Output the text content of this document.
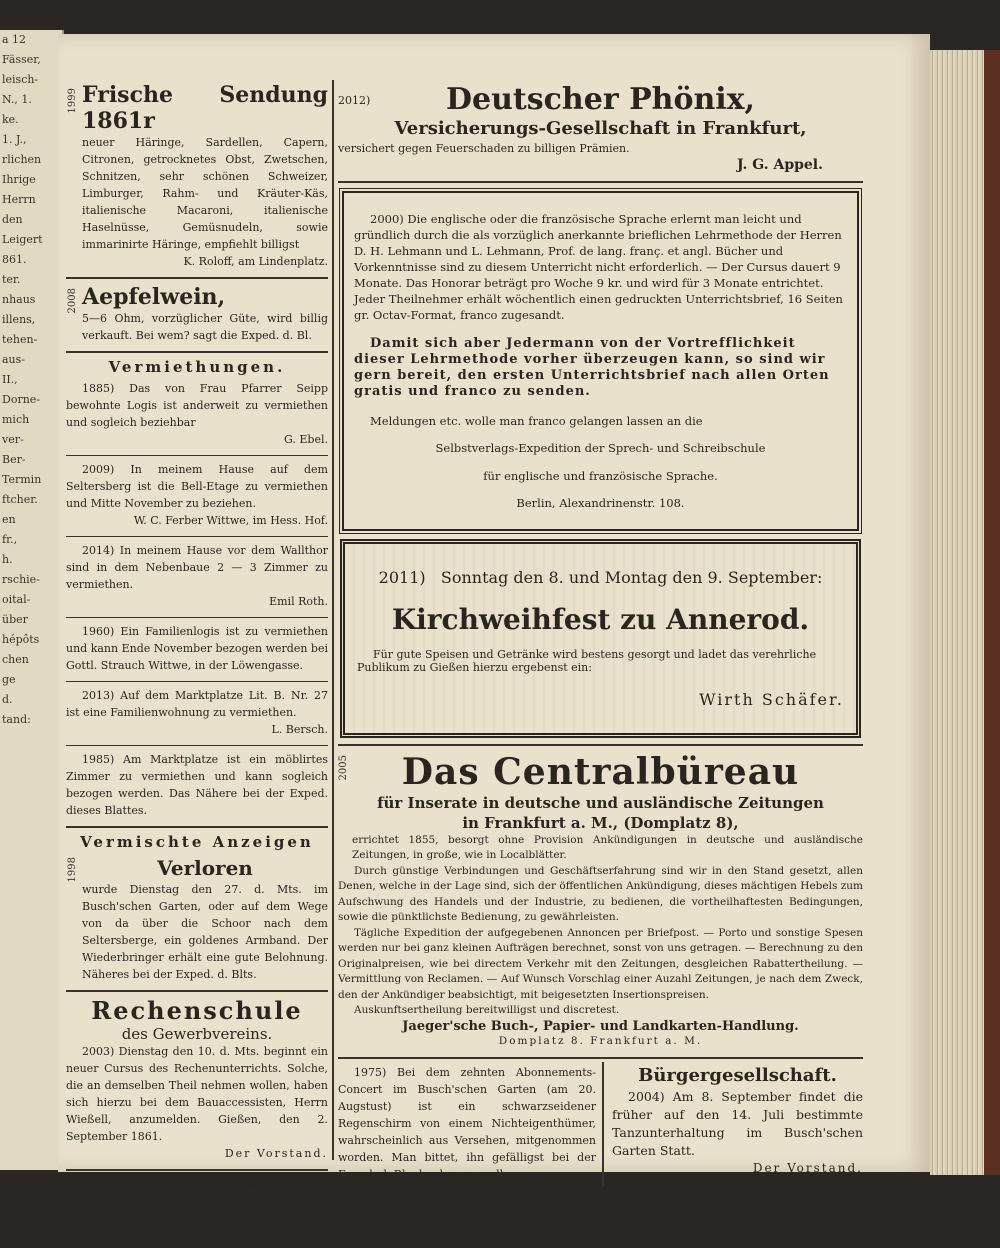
a 12
Fässer,
leisch-
N., 1.
ke.
1. J.,
rlichen
Ihrige
Herrn
den
Leigert
861.
ter.
nhaus
illens,
tehen-
aus-
II.,
Dorne-
mich
ver-
Ber-
Termin
ftcher.
en
fr.,
h.
rschie-
oital-
über
hépôts
chen
ge
d.
tand:
1999 Frische Sendung 1861r

neuer Häringe, Sardellen, Capern, Citronen, getrocknetes Obst, Zwetschen, Schnitzen, sehr schönen Schweizer, Limburger, Rahm- und Kräuter-Käs, italienische Macaroni, italienische Haselnüsse, Gemüsnudeln, sowie immarinirte Häringe, empfiehlt billigst

K. Roloff, am Lindenplatz.

2008 Aepfelwein,

5—6 Ohm, vorzüglicher Güte, wird billig verkauft. Bei wem? sagt die Exped. d. Bl.

Vermiethungen.

1885) Das von Frau Pfarrer Seipp bewohnte Logis ist anderweit zu vermiethen und sogleich beziehbar

G. Ebel.

2009) In meinem Hause auf dem Seltersberg ist die Bell-Etage zu vermiethen und Mitte November zu beziehen.

W. C. Ferber Wittwe, im Hess. Hof.

2014) In meinem Hause vor dem Wallthor sind in dem Nebenbaue 2 — 3 Zimmer zu vermiethen.

Emil Roth.

1960) Ein Familienlogis ist zu vermiethen und kann Ende November bezogen werden bei Gottl. Strauch Wittwe, in der Löwengasse.

2013) Auf dem Marktplatze Lit. B. Nr. 27 ist eine Familienwohnung zu vermiethen.

L. Bersch.

1985) Am Marktplatze ist ein möblirtes Zimmer zu vermiethen und kann sogleich bezogen werden. Das Nähere bei der Exped. dieses Blattes.

Vermischte Anzeigen
1998	Verloren

wurde Dienstag den 27. d. Mts. im Busch'schen Garten, oder auf dem Wege von da über die Schoor nach dem Seltersberge, ein goldenes Armband. Der Wiederbringer erhält eine gute Belohnung. Näheres bei der Exped. d. Blts.

Rechenschule
des Gewerbvereins.

2003) Dienstag den 10. d. Mts. beginnt ein neuer Cursus des Rechenunterrichts. Solche, die an demselben Theil nehmen wollen, haben sich hierzu bei dem Bauaccessisten, Herrn Wießell, anzumelden. Gießen, den 2. September 1861.

Der Vorstand.

1814) Ein Mädchen, welches mit häuslichen Arbeiten vertraut ist und etwas kochen kann, wird in Dienst gesucht. Näheres bei der Exped. d. Blts.

2012)	Deutscher Phönix,
Versicherungs-Gesellschaft in Frankfurt,

versichert gegen Feuerschaden zu billigen Prämien.

J. G. Appel.

2000) Die englische oder die französische Sprache erlernt man leicht und gründlich durch die als vorzüglich anerkannte brieflichen Lehrmethode der Herren D. H. Lehmann und L. Lehmann, Prof. de lang. franç. et angl. Bücher und Vorkenntnisse sind zu diesem Unterricht nicht erforderlich. — Der Cursus dauert 9 Monate. Das Honorar beträgt pro Woche 9 kr. und wird für 3 Monate entrichtet. Jeder Theilnehmer erhält wöchentlich einen gedruckten Unterrichtsbrief, 16 Seiten gr. Octav-Format, franco zugesandt.

Damit sich aber Jedermann von der Vortrefflichkeit dieser Lehrmethode vorher überzeugen kann, so sind wir gern bereit, den ersten Unterrichtsbrief nach allen Orten gratis und franco zu senden.

Meldungen etc. wolle man franco gelangen lassen an die

Selbstverlags-Expedition der Sprech- und Schreibschule

für englische und französische Sprache.

Berlin, Alexandrinenstr. 108.

2011) Sonntag den 8. und Montag den 9. September:

Kirchweihfest zu Annerod.

Für gute Speisen und Getränke wird bestens gesorgt und ladet das verehrliche Publikum zu Gießen hierzu ergebenst ein:

Wirth Schäfer.

2005	Das Centralbüreau
für Inserate in deutsche und ausländische Zeitungen
in Frankfurt a. M., (Domplatz 8),

errichtet 1855, besorgt ohne Provision Ankündigungen in deutsche und ausländische Zeitungen, in große, wie in Localblätter.

Durch günstige Verbindungen und Geschäftserfahrung sind wir in den Stand gesetzt, allen Denen, welche in der Lage sind, sich der öffentlichen Ankündigung, dieses mächtigen Hebels zum Aufschwung des Handels und der Industrie, zu bedienen, die vortheilhaftesten Bedingungen, sowie die pünktlichste Bedienung, zu gewährleisten.

Tägliche Expedition der aufgegebenen Annoncen per Briefpost. — Porto und sonstige Spesen werden nur bei ganz kleinen Aufträgen berechnet, sonst von uns getragen. — Berechnung zu den Originalpreisen, wie bei directem Verkehr mit den Zeitungen, desgleichen Rabattertheilung. — Vermittlung von Reclamen. — Auf Wunsch Vorschlag einer Auzahl Zeitungen, je nach dem Zweck, den der Ankündiger beabsichtigt, mit beigesetzten Insertionspreisen.

Auskunftsertheilung bereitwilligst und discretest.

Jaeger'sche Buch-, Papier- und Landkarten-Handlung.

Domplatz 8. Frankfurt a. M.

1975) Bei dem zehnten Abonnements-Concert im Busch'schen Garten (am 20. Augstust) ist ein schwarzseidener Regenschirm von einem Nichteigenthümer, wahrscheinlich aus Versehen, mitgenommen worden. Man bittet, ihn gefälligst bei der Exped. d. Bl. abgeben zu wollen.

Bürgergesellschaft.

2004) Am 8. September findet die früher auf den 14. Juli bestimmte Tanzunterhaltung im Busch'schen Garten Statt.

Der Vorstand.
